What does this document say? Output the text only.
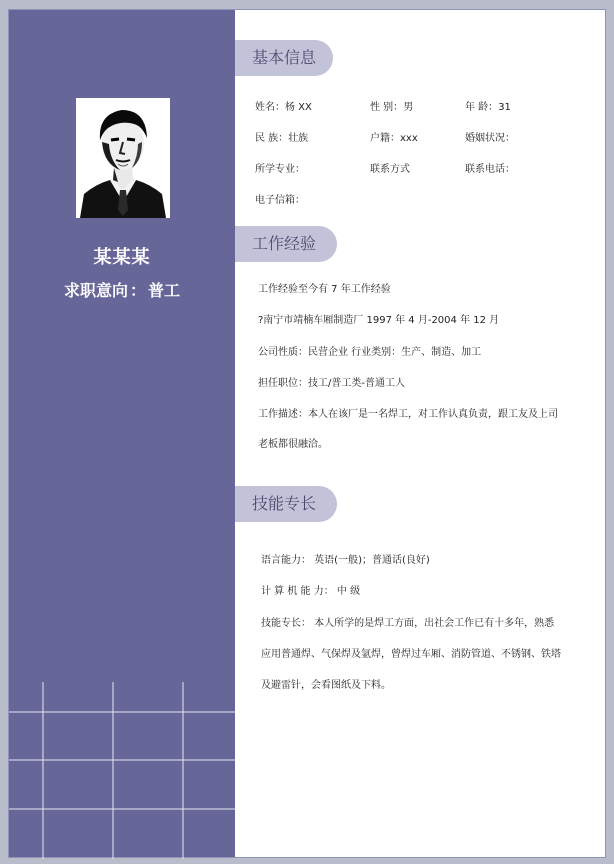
某某某
求职意向 ： 普工
基本信息
姓名：杨 XX	性 别：男	年 龄：31
民 族：壮族	户籍：xxx	婚姻状况：
所学专业：	联系方式	联系电话：
电子信箱：
工作经验
工作经验至今有 7 年工作经验
?南宁市靖楠车厢制造厂 1997 年 4 月-2004 年 12 月
公司性质：民营企业 行业类别：生产、制造、加工
担任职位：技工/普工类-普通工人
工作描述：本人在该厂是一名焊工，对工作认真负责，跟工友及上司
老板都很融洽。
技能专长
语言能力： 英语(一般)；普通话(良好)
计 算 机 能 力： 中 级
技能专长： 本人所学的是焊工方面，出社会工作已有十多年，熟悉
应用普通焊、气保焊及氩焊，曾焊过车厢、消防管道、不锈钢、铁塔
及避雷针，会看图纸及下料。
